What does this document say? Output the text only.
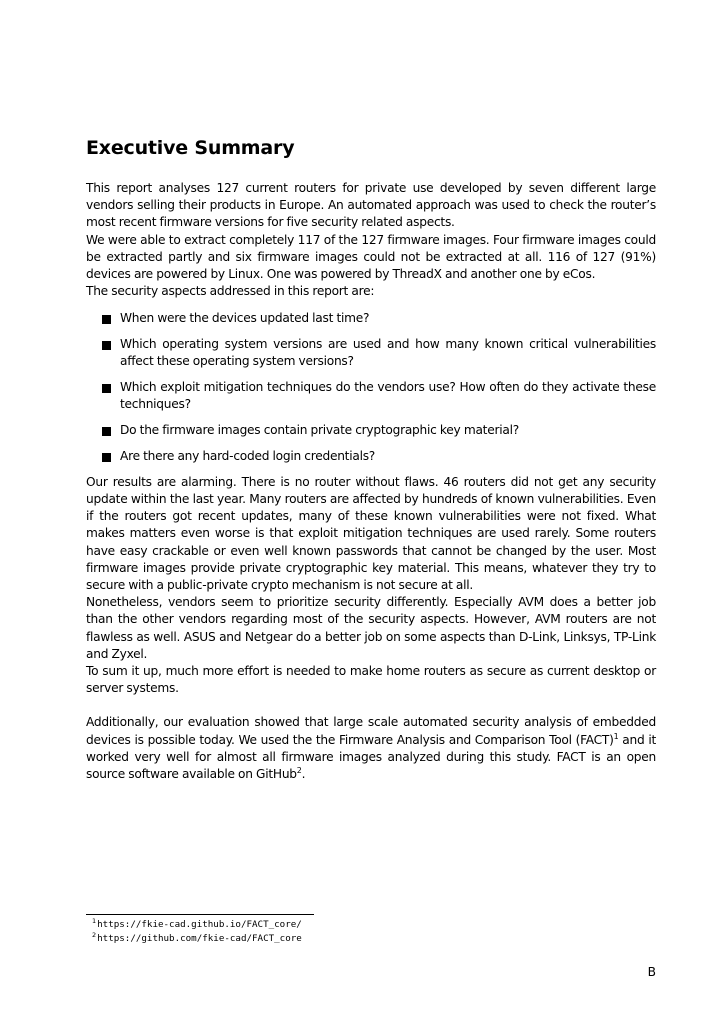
Executive Summary

This report analyses 127 current routers for private use developed by seven different large vendors selling their products in Europe. An automated approach was used to check the router’s most recent firmware versions for five security related aspects.

We were able to extract completely 117 of the 127 firmware images. Four firmware images could be extracted partly and six firmware images could not be extracted at all. 116 of 127 (91%) devices are powered by Linux. One was powered by ThreadX and another one by eCos.

The security aspects addressed in this report are:

When were the devices updated last time?
Which operating system versions are used and how many known critical vulnerabilities affect these operating system versions?
Which exploit mitigation techniques do the vendors use? How often do they activate these techniques?
Do the firmware images contain private cryptographic key material?
Are there any hard-coded login credentials?

Our results are alarming. There is no router without flaws. 46 routers did not get any security update within the last year. Many routers are affected by hundreds of known vulnerabilities. Even if the routers got recent updates, many of these known vulnerabilities were not fixed. What makes matters even worse is that exploit mitigation techniques are used rarely. Some routers have easy crackable or even well known passwords that cannot be changed by the user. Most firmware images provide private cryptographic key material. This means, whatever they try to secure with a public-private crypto mechanism is not secure at all.

Nonetheless, vendors seem to prioritize security differently. Especially AVM does a better job than the other vendors regarding most of the security aspects. However, AVM routers are not flawless as well. ASUS and Netgear do a better job on some aspects than D-Link, Linksys, TP-Link and Zyxel.

To sum it up, much more effort is needed to make home routers as secure as current desktop or server systems.

Additionally, our evaluation showed that large scale automated security analysis of embedded devices is possible today. We used the the Firmware Analysis and Comparison Tool (FACT)$^1$ and it worked very well for almost all firmware images analyzed during this study. FACT is an open source software available on GitHub$^2$.

$^1$https://fkie-cad.github.io/FACT_core/
$^2$https://github.com/fkie-cad/FACT_core
B
